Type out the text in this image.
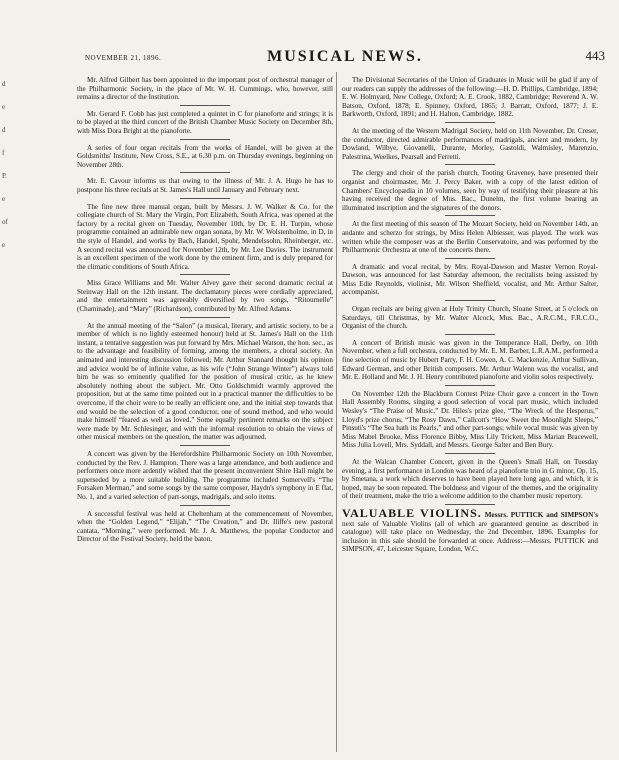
d
e
d
f
P.
e
of
e
NOVEMBER 21, 1896.	MUSICAL NEWS.	443

Mr. Alfred Gilbert has been appointed to the important post of orchestral manager of the Philharmonic Society, in the place of Mr. W. H. Cummings, who, however, still remains a director of the Institution.

Mr. Gerard F. Cobb has just completed a quintet in C for pianoforte and strings; it is to be played at the third concert of the British Chamber Music Society on December 8th, with Miss Dora Bright at the pianoforte.

A series of four organ recitals from the works of Handel, will be given at the Goldsmiths' Institute, New Cross, S.E., at 6.30 p.m. on Thursday evenings, beginning on November 28th.

Mr. E. Cavour informs us that owing to the illness of Mr. J. A. Hugo he has to postpone his three recitals at St. James's Hall until January and February next.

The fine new three manual organ, built by Messrs. J. W. Walker & Co. for the collegiate church of St. Mary the Virgin, Port Elizabeth, South Africa, was opened at the factory by a recital given on Tuesday, November 10th, by Dr. E. H. Turpin, whose programme contained an admirable new organ sonata, by Mr. W. Wolstenholme, in D, in the style of Handel, and works by Bach, Handel, Spohr, Mendelssohn, Rheinberger, etc. A second recital was announced for November 12th, by Mr. Lee Davies. The instrument is an excellent specimen of the work done by the eminent firm, and is duly prepared for the climatic conditions of South Africa.

Miss Grace Williams and Mr. Walter Alvey gave their second dramatic recital at Steinway Hall on the 12th instant. The declamatory pieces were cordially appreciated, and the entertainment was agreeably diversified by two songs, “Ritournelle” (Chaminade), and “Mary” (Richardson), contributed by Mr. Alfred Adams.

At the annual meeting of the “Salon” (a musical, literary, and artistic society, to be a member of which is no lightly esteemed honour) held at St. James's Hall on the 11th instant, a tentative suggestion was put forward by Mrs. Michael Watson, the hon. sec., as to the advantage and feasibility of forming, among the members, a choral society. An animated and interesting discussion followed; Mr. Arthur Stannard thought his opinion and advice would be of infinite value, as his wife (“John Strange Winter”) always told him he was so eminently qualified for the position of musical critic, as he knew absolutely nothing about the subject. Mr. Otto Goldschmidt warmly approved the proposition, but at the same time pointed out in a practical manner the difficulties to be overcome, if the choir were to be really an efficient one, and the initial step towards that end would be the selection of a good conductor, one of sound method, and who would make himself “feared as well as loved.” Some equally pertinent remarks on the subject were made by Mr. Schlesinger, and with the informal resolution to obtain the views of other musical members on the question, the matter was adjourned.

A concert was given by the Herefordshire Philharmonic Society on 10th November, conducted by the Rev. J. Hampton. There was a large attendance, and both audience and performers once more ardently wished that the present inconvenient Shire Hall might be superseded by a more suitable building. The programme included Somervell's “The Forsaken Merman,” and some songs by the same composer, Haydn's symphony in E flat, No. 1, and a varied selection of part-songs, madrigals, and solo items.

A successful festival was held at Cheltenham at the commencement of November, when the “Golden Legend,” “Elijah,” “The Creation,” and Dr. Iliffe's new pastoral cantata, “Morning,” were performed. Mr. J. A. Matthews, the popular Conductor and Director of the Festival Society, held the baton.

The Divisional Secretaries of the Union of Graduates in Music will be glad if any of our readers can supply the addresses of the following:—H. D. Phillips, Cambridge, 1894; E. W. Holmyard, New College, Oxford; A. E. Crook, 1882, Cambridge; Reverend A. W. Batson, Oxford, 1878; E. Spinney, Oxford, 1865; J. Barratt, Oxford, 1877; J. E. Barkworth, Oxford, 1891; and H. Halton, Cambridge, 1882.

At the meeting of the Western Madrigal Society, held on 11th November, Dr. Creser, the conductor, directed admirable performances of madrigals, ancient and modern, by Dowland, Wilbye, Giovanelli, Durante, Morley, Gastoldi, Walmisley, Marenzio, Palestrina, Weelkes, Pearsall and Ferretti.

The clergy and choir of the parish church, Tooting Graveney, have presented their organist and choirmaster, Mr. J. Percy Baker, with a copy of the latest edition of Chambers' Encyclopædia in 10 volumes, seen by way of testifying their pleasure at his having received the degree of Mus. Bac., Dunelm, the first volume bearing an illuminated inscription and the signatures of the donors.

At the first meeting of this season of The Mozart Society, held on November 14th, an andante and scherzo for strings, by Miss Helen Albiesser, was played. The work was written while the composer was at the Berlin Conservatoire, and was performed by the Philharmonic Orchestra at one of the concerts there.

A dramatic and vocal recital, by Mrs. Royal-Dawson and Master Vernon Royal-Dawson, was announced for last Saturday afternoon, the recitalists being assisted by Miss Edie Reynolds, violinist, Mr. Wilson Sheffield, vocalist, and Mr. Arthur Salter, accompanist.

Organ recitals are being given at Holy Trinity Church, Sloane Street, at 5 o'clock on Saturdays, till Christmas, by Mr. Walter Alcock, Mus. Bac., A.R.C.M., F.R.C.O., Organist of the church.

A concert of British music was given in the Temperance Hall, Derby, on 10th November, when a full orchestra, conducted by Mr. E. M. Barber, L.R.A.M., performed a fine selection of music by Hubert Parry, F. H. Cowen, A. C. Mackenzie, Arthur Sullivan, Edward German, and other British composers. Mr. Arthur Walenn was the vocalist, and Mr. E. Holland and Mr. J. H. Henry contributed pianoforte and violin solos respectively.

On November 12th the Blackburn Contest Prize Choir gave a concert in the Town Hall Assembly Rooms, singing a good selection of vocal part music, which included Wesley's “The Praise of Music,” Dr. Hiles's prize glee, “The Wreck of the Hesperus,” Lloyd's prize chorus, “The Rosy Dawn,” Callcott's “How Sweet the Moonlight Sleeps,” Pinsuti's “The Sea hath its Pearls,” and other part-songs; while vocal music was given by Miss Mabel Brooke, Miss Florence Bibby, Miss Lily Trickett, Miss Marian Bracewell, Miss Julia Lovell, Mrs. Syddall, and Messrs. George Salter and Ben Bury.

At the Walcan Chamber Concert, given in the Queen's Small Hall, on Tuesday evening, a first performance in London was heard of a pianoforte trio in G minor, Op. 15, by Smetana, a work which deserves to have been played here long ago, and which, it is hoped, may be soon repeated. The boldness and vigour of the themes, and the originality of their treatment, make the trio a welcome addition to the chamber music repertory.

VALUABLE VIOLINS. Messrs. PUTTICK and SIMPSON's next sale of Valuable Violins (all of which are guaranteed genuine as described in catalogue) will take place on Wednesday, the 2nd December, 1896. Examples for inclusion in this sale should be forwarded at once. Address:—Messrs. PUTTICK and SIMPSON, 47, Leicester Square, London, W.C.
